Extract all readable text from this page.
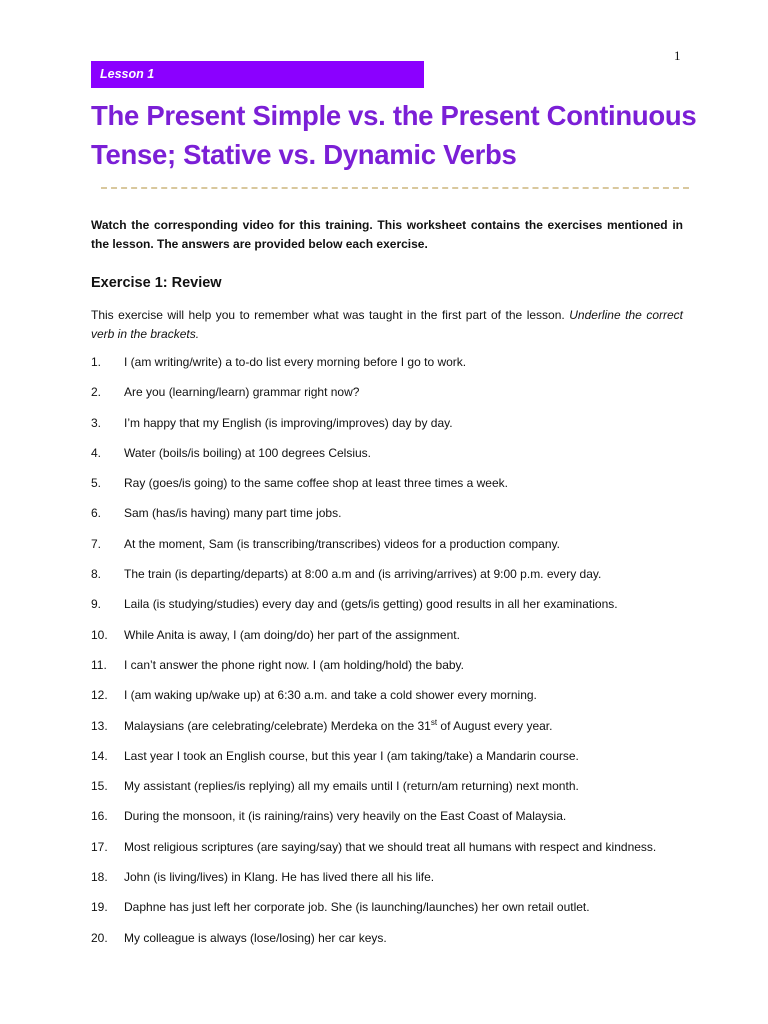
1
Lesson 1
The Present Simple vs. the Present Continuous Tense; Stative vs. Dynamic Verbs

Watch the corresponding video for this training. This worksheet contains the exercises mentioned in the lesson. The answers are provided below each exercise.

Exercise 1: Review

This exercise will help you to remember what was taught in the first part of the lesson. Underline the correct verb in the brackets.

1.	I (am writing/write) a to-do list every morning before I go to work.
2.	Are you (learning/learn) grammar right now?
3.	I’m happy that my English (is improving/improves) day by day.
4.	Water (boils/is boiling) at 100 degrees Celsius.
5.	Ray (goes/is going) to the same coffee shop at least three times a week.
6.	Sam (has/is having) many part time jobs.
7.	At the moment, Sam (is transcribing/transcribes) videos for a production company.
8.	The train (is departing/departs) at 8:00 a.m and (is arriving/arrives) at 9:00 p.m. every day.
9.	Laila (is studying/studies) every day and (gets/is getting) good results in all her examinations.
10.	While Anita is away, I (am doing/do) her part of the assignment.
11.	I can’t answer the phone right now. I (am holding/hold) the baby.
12.	I (am waking up/wake up) at 6:30 a.m. and take a cold shower every morning.
13.	Malaysians (are celebrating/celebrate) Merdeka on the 31st of August every year.
14.	Last year I took an English course, but this year I (am taking/take) a Mandarin course.
15.	My assistant (replies/is replying) all my emails until I (return/am returning) next month.
16.	During the monsoon, it (is raining/rains) very heavily on the East Coast of Malaysia.
17.	Most religious scriptures (are saying/say) that we should treat all humans with respect and kindness.
18.	John (is living/lives) in Klang. He has lived there all his life.
19.	Daphne has just left her corporate job. She (is launching/launches) her own retail outlet.
20.	My colleague is always (lose/losing) her car keys.
